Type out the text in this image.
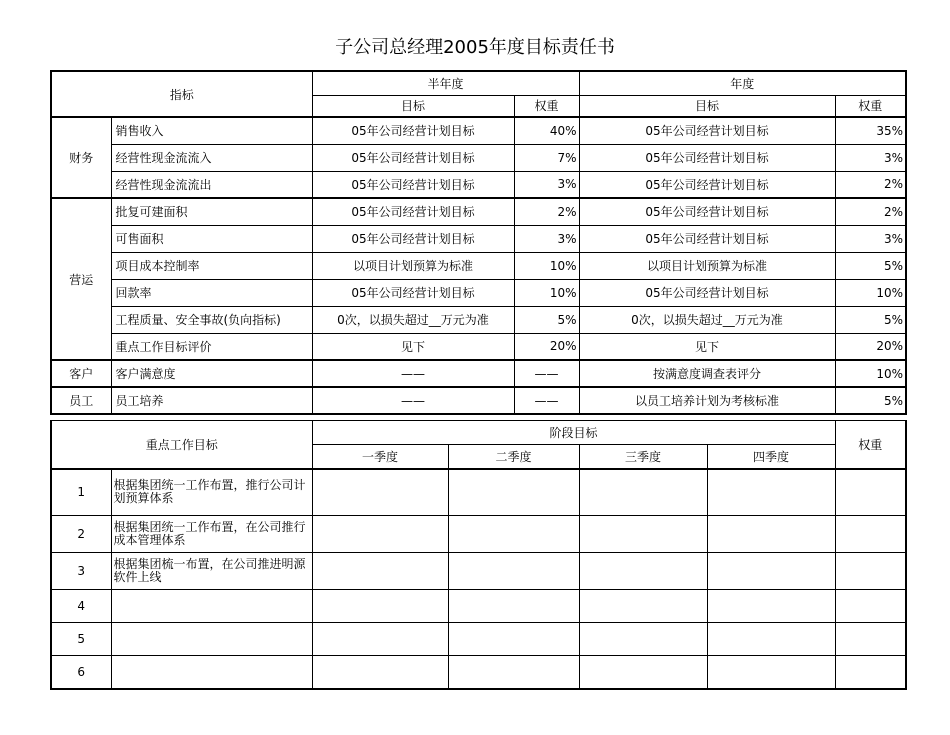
子公司总经理2005年度目标责任书
指标		半年度		年度	
		目标	权重	目标	权重
财务	销售收入	05年公司经营计划目标	40%	05年公司经营计划目标	35%
	经营性现金流流入	05年公司经营计划目标	7%	05年公司经营计划目标	3%
	经营性现金流流出	05年公司经营计划目标	3%	05年公司经营计划目标	2%
营运	批复可建面积	05年公司经营计划目标	2%	05年公司经营计划目标	2%
	可售面积	05年公司经营计划目标	3%	05年公司经营计划目标	3%
	项目成本控制率	以项目计划预算为标准	10%	以项目计划预算为标准	5%
	回款率	05年公司经营计划目标	10%	05年公司经营计划目标	10%
	工程质量、安全事故(负向指标)	0次，以损失超过__万元为准	5%	0次，以损失超过__万元为准	5%
	重点工作目标评价	见下	20%	见下	20%
客户	客户满意度	——	——	按满意度调查表评分	10%
员工	员工培养	——	——	以员工培养计划为考核标准	5%
重点工作目标		阶段目标				权重
		一季度	二季度	三季度	四季度	
1	根据集团统一工作布置，推行公司计划预算体系					
2	根据集团统一工作布置，在公司推行成本管理体系					
3	根据集团梳一布置，在公司推进明源软件上线					
4						
5						
6						
